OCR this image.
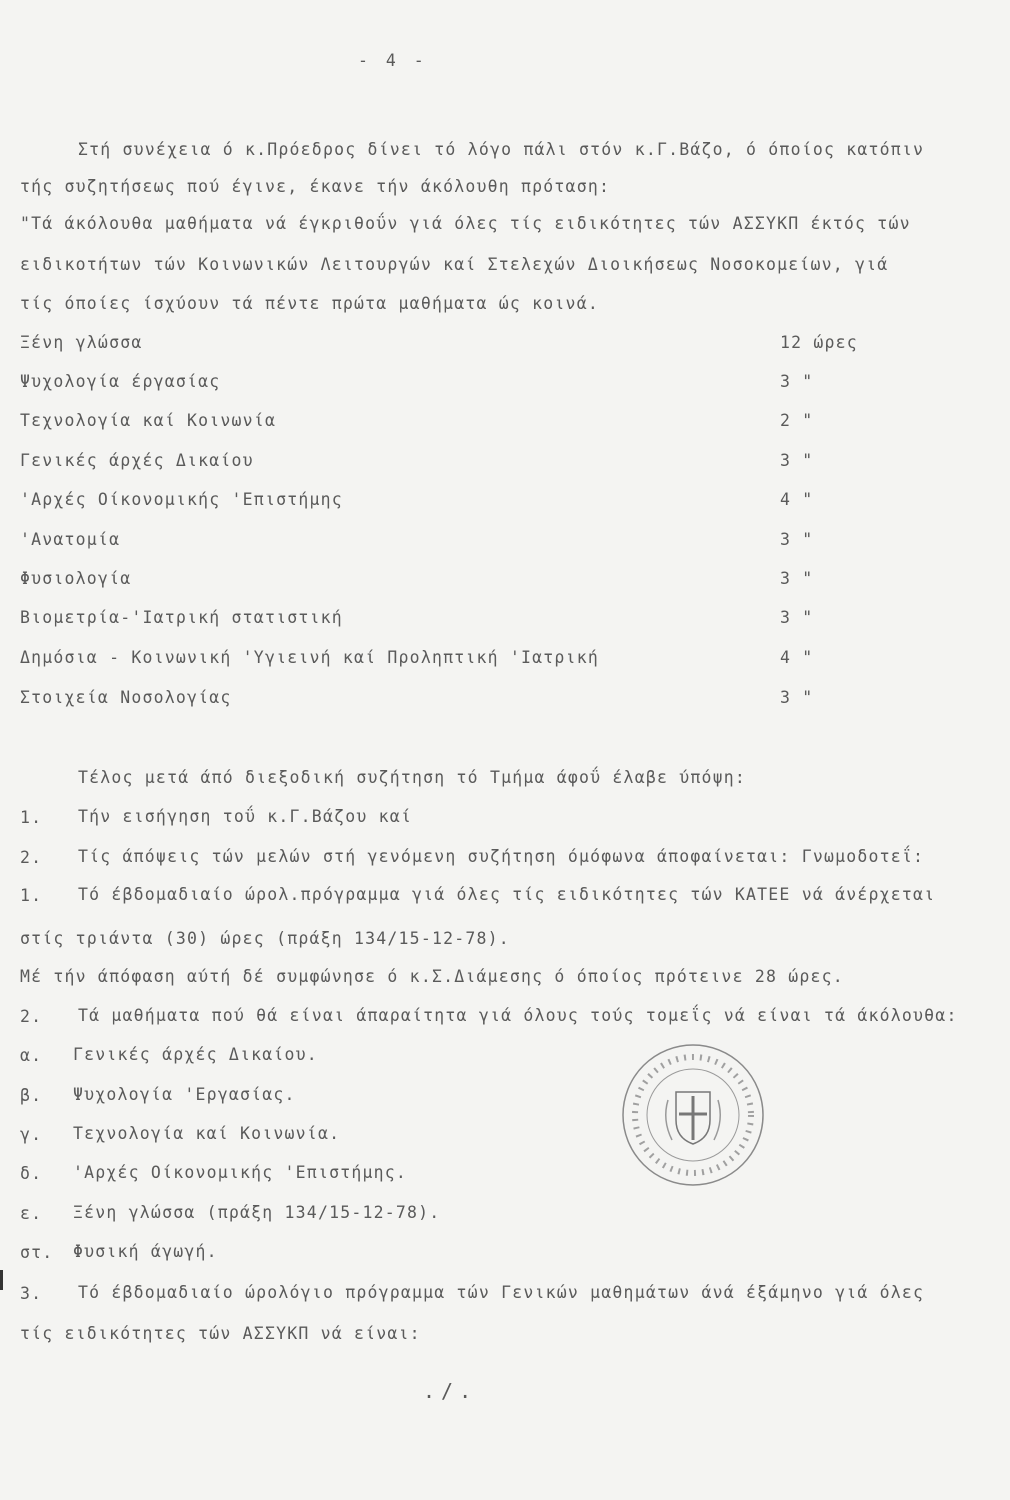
- 4 -
Στή συνέχεια ό κ.Πρόεδρος δίνει τό λόγο πάλι στόν κ.Γ.Βάζο, ό όποίος κατόπιν
τής συζητήσεως πού έγινε, έκανε τήν άκόλουθη πρόταση:
"Τά άκόλουθα μαθήματα νά έγκριθοΰν γιά όλες τίς ειδικότητες τών ΑΣΣΥΚΠ έκτός τών
ειδικοτήτων τών Κοινωνικών Λειτουργών καί Στελεχών Διοικήσεως Νοσοκομείων, γιά
τίς όποίες ίσχύουν τά πέντε πρώτα μαθήματα ώς κοινά.
Ξένη γλώσσα	12 ώρες
Ψυχολογία έργασίας	3 "
Τεχνολογία καί Κοινωνία	2 "
Γενικές άρχές Δικαίου	3 "
'Αρχές Οίκονομικής 'Επιστήμης	4 "
'Ανατομία	3 "
Φυσιολογία	3 "
Βιομετρία-'Ιατρική στατιστική	3 "
Δημόσια - Κοινωνική 'Υγιεινή καί Προληπτική 'Ιατρική	4 "
Στοιχεία Νοσολογίας	3 "
Τέλος μετά άπό διεξοδική συζήτηση τό Τμήμα άφοΰ έλαβε ύπόψη:
1. Τήν εισήγηση τοΰ κ.Γ.Βάζου καί
2. Τίς άπόψεις τών μελών στή γενόμενη συζήτηση όμόφωνα άποφαίνεται: Γνωμοδοτεΐ:
1. Τό έβδομαδιαίο ώρολ.πρόγραμμα γιά όλες τίς ειδικότητες τών ΚΑΤΕΕ νά άνέρχεται
στίς τριάντα (30) ώρες (πράξη 134/15-12-78).
Μέ τήν άπόφαση αύτή δέ συμφώνησε ό κ.Σ.Διάμεσης ό όποίος πρότεινε 28 ώρες.
2. Τά μαθήματα πού θά είναι άπαραίτητα γιά όλους τούς τομεΐς νά είναι τά άκόλουθα:
α. Γενικές άρχές Δικαίου.
β. Ψυχολογία 'Εργασίας.
γ. Τεχνολογία καί Κοινωνία.
δ. 'Αρχές Οίκονομικής 'Επιστήμης.
ε. Ξένη γλώσσα (πράξη 134/15-12-78).
στ. Φυσική άγωγή.
3. Τό έβδομαδιαίο ώρολόγιο πρόγραμμα τών Γενικών μαθημάτων άνά έξάμηνο γιά όλες
τίς ειδικότητες τών ΑΣΣΥΚΠ νά είναι:
./.
